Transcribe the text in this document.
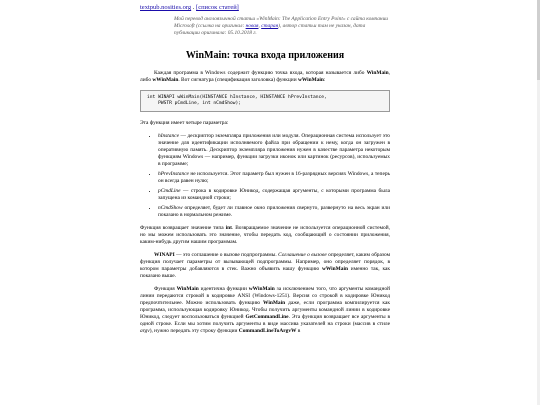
textpub.nosities.org . [список статей]
Мой перевод англоязычной статьи «WinMain: The Application Entry Point» с сайта компании Microsoft (ссылка на оригинал: новая, старая), автор статьи там не указан, дата публикации оригинала: 05.10.2018 г.
WinMain: точка входа приложения

Каждая программа в Windows содержит функцию точка входа, которая называется либо WinMain, либо wWinMain. Вот сигнатура (спецификация заголовка) функции wWinMain:

int WINAPI wWinMain(HINSTANCE hInstance, HINSTANCE hPrevInstance,
PWSTR pCmdLine, int nCmdShow);

Эта функция имеет четыре параметра:

• hInstance — дескриптор экземпляра приложения или модуля. Операционная система использует это значение для идентификации исполняемого файла при обращении к нему, когда он загружен в оперативную память. Дескриптор экземпляра приложения нужен в качестве параметра некоторым функциям Windows — например, функции загрузки иконок или картинок (ресурсов), используемых в программе;
• hPrevInstance не используется. Этот параметр был нужен в 16-разрядных версиях Windows, а теперь он всегда равен нулю;
• pCmdLine — строка в кодировке Юникод, содержащая аргументы, с которыми программа была запущена из командной строки;
• nCmdShow определяет, будет ли главное окно приложения свернуто, развернуто на весь экран или показано в нормальном режиме.

Функция возвращает значение типа int. Возвращаемое значение не используется операционной системой, но мы можем использовать это значение, чтобы передать код, сообщающий о состоянии приложения, каким-нибудь другим нашим программам.

WINAPI — это соглашение о вызове подпрограммы. Соглашение о вызове определяет, каким образом функция получает параметры от вызывающей подпрограммы. Например, оно определяет порядок, в котором параметры добавляются в стек. Важно объявить нашу функцию wWinMain именно так, как показано выше.

Функция WinMain идентична функции wWinMain за исключением того, что аргументы командной линии передаются строкой в кодировке ANSI (Windows-1251). Версия со строкой в кодировке Юникод предпочтительнее. Можно использовать функцию WinMain даже, если программа компилируется как программа, использующая кодировку Юникод. Чтобы получить аргументы командной линии в кодировке Юникод, следует воспользоваться функцией GetCommandLine. Эта функция возвращает все аргументы в одной строке. Если мы хотим получить аргументы в виде массива указателей на строки (массив в стиле argv), нужно передать эту строку функции CommandLineToArgvW в
